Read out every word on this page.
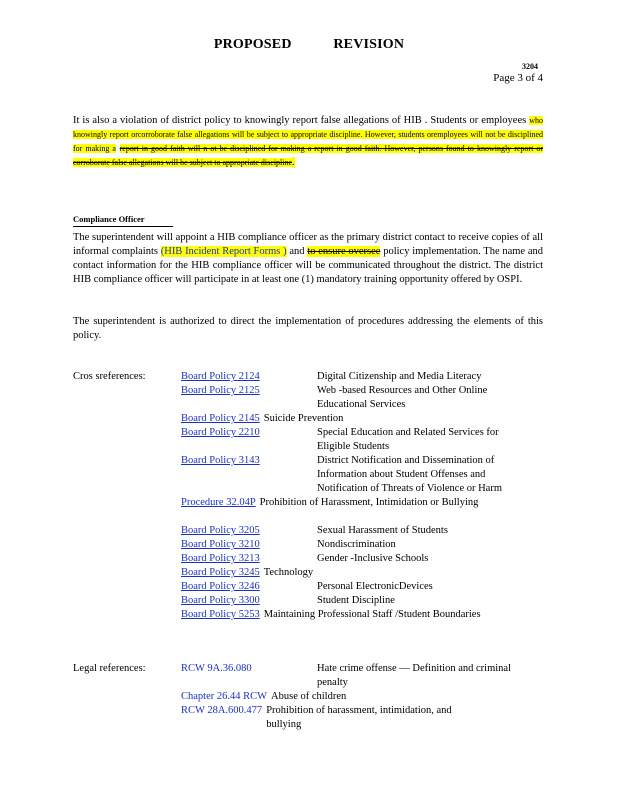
PROPOSED REVISION
3204
Page 3 of 4
It is also a violation of district policy to knowingly report false allegations of HIB . Students or employees who knowingly report orcorroborate false allegations will be subject to appropriate discipline. However, students oremployees will not be disciplined for making a report in good faith will n ot be disciplined for making a report in good faith. However, persons found to knowingly report or corroborate false allegations will be subject to appropriate discipline.
Compliance Officer
The superintendent will appoint a HIB compliance officer as the primary district contact to receive copies of all informal complaints (HIB Incident Report Forms ) and to ensure oversee policy implementation. The name and contact information for the HIB compliance officer will be communicated throughout the district. The district HIB compliance officer will participate in at least one (1) mandatory training opportunity offered by OSPI.
The superintendent is authorized to direct the implementation of procedures addressing the elements of this policy.
Cros sreferences:	Board Policy 2124	Digital Citizenship and Media Literacy
Board Policy 2125	Web -based Resources and Other Online Educational Services
Board Policy 2145 Suicide Prevention
Board Policy 2210	Special Education and Related Services for Eligible Students
Board Policy 3143	District Notification and Dissemination of Information about Student Offenses and Notification of Threats of Violence or Harm
Procedure 32.04P Prohibition of Harassment, Intimidation or Bullying
Board Policy 3205	Sexual Harassment of Students
Board Policy 3210	Nondiscrimination
Board Policy 3213	Gender -Inclusive Schools
Board Policy 3245 Technology
Board Policy 3246	Personal ElectronicDevices
Board Policy 3300	Student Discipline
Board Policy 5253 Maintaining Professional Staff /Student Boundaries
Legal references:	RCW 9A.36.080	Hate crime offense — Definition and criminal penalty
Chapter 26.44 RCW Abuse of children
RCW 28A.600.477 Prohibition of harassment, intimidation, and bullying
